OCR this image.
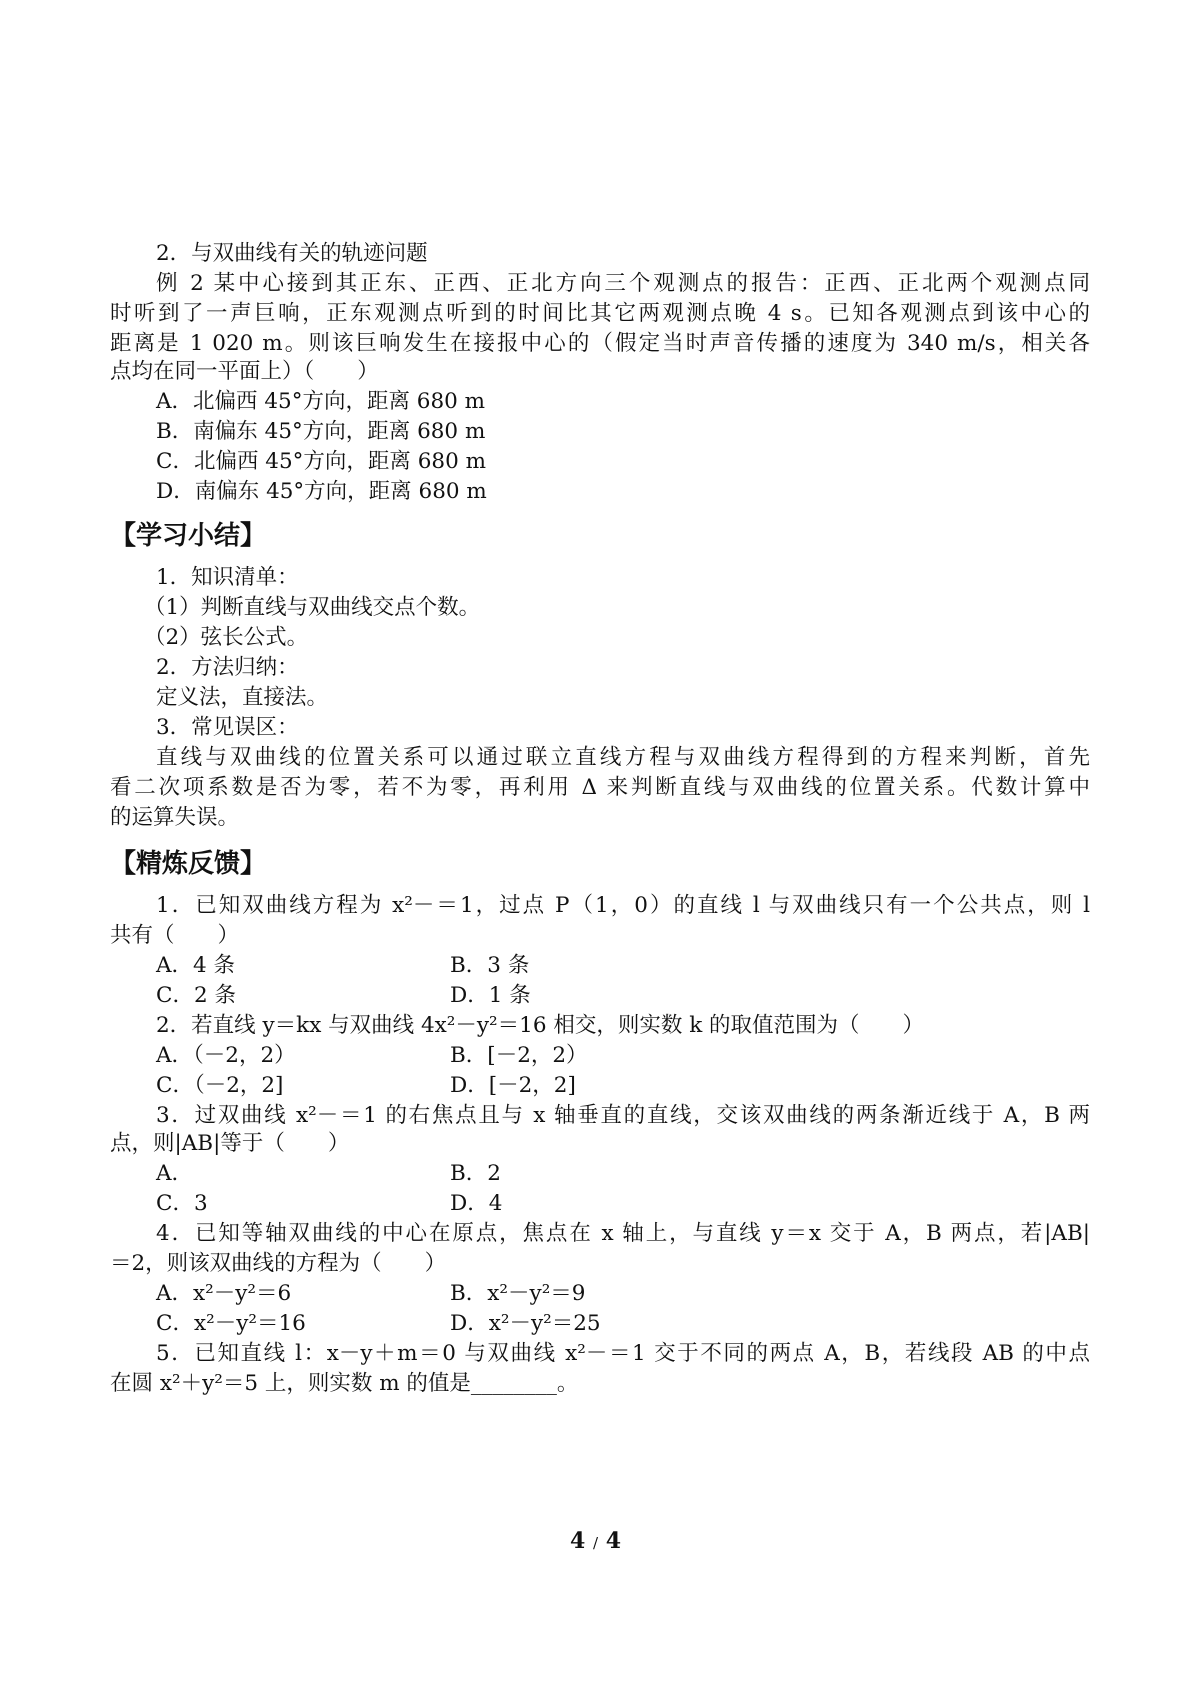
2．与双曲线有关的轨迹问题
例 2 某中心接到其正东、正西、正北方向三个观测点的报告：正西、正北两个观测点同
时听到了一声巨响，正东观测点听到的时间比其它两观测点晚 4 s。已知各观测点到该中心的
距离是 1 020 m。则该巨响发生在接报中心的（假定当时声音传播的速度为 340 m/s，相关各
点均在同一平面上）（　　）
A．北偏西 45°方向，距离 680 m
B．南偏东 45°方向，距离 680 m
C．北偏西 45°方向，距离 680 m
D．南偏东 45°方向，距离 680 m
【学习小结】
1．知识清单：
（1）判断直线与双曲线交点个数。
（2）弦长公式。
2．方法归纳：
定义法，直接法。
3．常见误区：
直线与双曲线的位置关系可以通过联立直线方程与双曲线方程得到的方程来判断，首先
看二次项系数是否为零，若不为零，再利用 Δ 来判断直线与双曲线的位置关系。代数计算中
的运算失误。
【精炼反馈】
1．已知双曲线方程为 x²－＝1，过点 P（1，0）的直线 l 与双曲线只有一个公共点，则 l
共有（　　）
A．4 条	B．3 条
C．2 条	D．1 条
2．若直线 y＝kx 与双曲线 4x²－y²＝16 相交，则实数 k 的取值范围为（　　）
A．（－2，2）	B．[－2，2）
C．（－2，2]	D．[－2，2]
3．过双曲线 x²－＝1 的右焦点且与 x 轴垂直的直线，交该双曲线的两条渐近线于 A，B 两
点，则|AB|等于（　　）
A．	B．2
C．3	D．4
4．已知等轴双曲线的中心在原点，焦点在 x 轴上，与直线 y＝x 交于 A，B 两点，若|AB|
＝2，则该双曲线的方程为（　　）
A．x²－y²＝6	B．x²－y²＝9
C．x²－y²＝16	D．x²－y²＝25
5．已知直线 l：x－y＋m＝0 与双曲线 x²－＝1 交于不同的两点 A，B，若线段 AB 的中点
在圆 x²＋y²＝5 上，则实数 m 的值是________。
4 / 4
